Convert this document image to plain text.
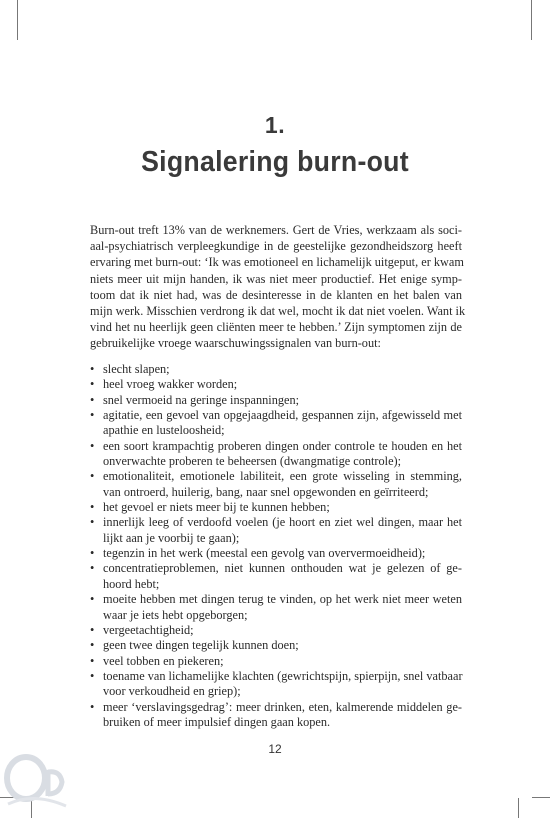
1.
Signalering burn-out

Burn-out treft 13% van de werknemers. Gert de Vries, werkzaam als soci-
aal-psychiatrisch verpleegkundige in de geestelijke gezondheidszorg heeft
ervaring met burn-out: ‘Ik was emotioneel en lichamelijk uitgeput, er kwam
niets meer uit mijn handen, ik was niet meer productief. Het enige symp-
toom dat ik niet had, was de desinteresse in de klanten en het balen van
mijn werk. Misschien verdrong ik dat wel, mocht ik dat niet voelen. Want ik
vind het nu heerlijk geen cliënten meer te hebben.’ Zijn symptomen zijn de
gebruikelijke vroege waarschuwingssignalen van burn-out:

• slecht slapen;
• heel vroeg wakker worden;
• snel vermoeid na geringe inspanningen;
• agitatie, een gevoel van opgejaagdheid, gespannen zijn, afgewisseld met
apathie en lusteloosheid;
• een soort krampachtig proberen dingen onder controle te houden en het
onverwachte proberen te beheersen (dwangmatige controle);
• emotionaliteit, emotionele labiliteit, een grote wisseling in stemming,
van ontroerd, huilerig, bang, naar snel opgewonden en geïrriteerd;
• het gevoel er niets meer bij te kunnen hebben;
• innerlijk leeg of verdoofd voelen (je hoort en ziet wel dingen, maar het
lijkt aan je voorbij te gaan);
• tegenzin in het werk (meestal een gevolg van oververmoeidheid);
• concentratieproblemen, niet kunnen onthouden wat je gelezen of ge-
hoord hebt;
• moeite hebben met dingen terug te vinden, op het werk niet meer weten
waar je iets hebt opgeborgen;
• vergeetachtigheid;
• geen twee dingen tegelijk kunnen doen;
• veel tobben en piekeren;
• toename van lichamelijke klachten (gewrichtspijn, spierpijn, snel vatbaar
voor verkoudheid en griep);
• meer ‘verslavingsgedrag’: meer drinken, eten, kalmerende middelen ge-
bruiken of meer impulsief dingen gaan kopen.
12
